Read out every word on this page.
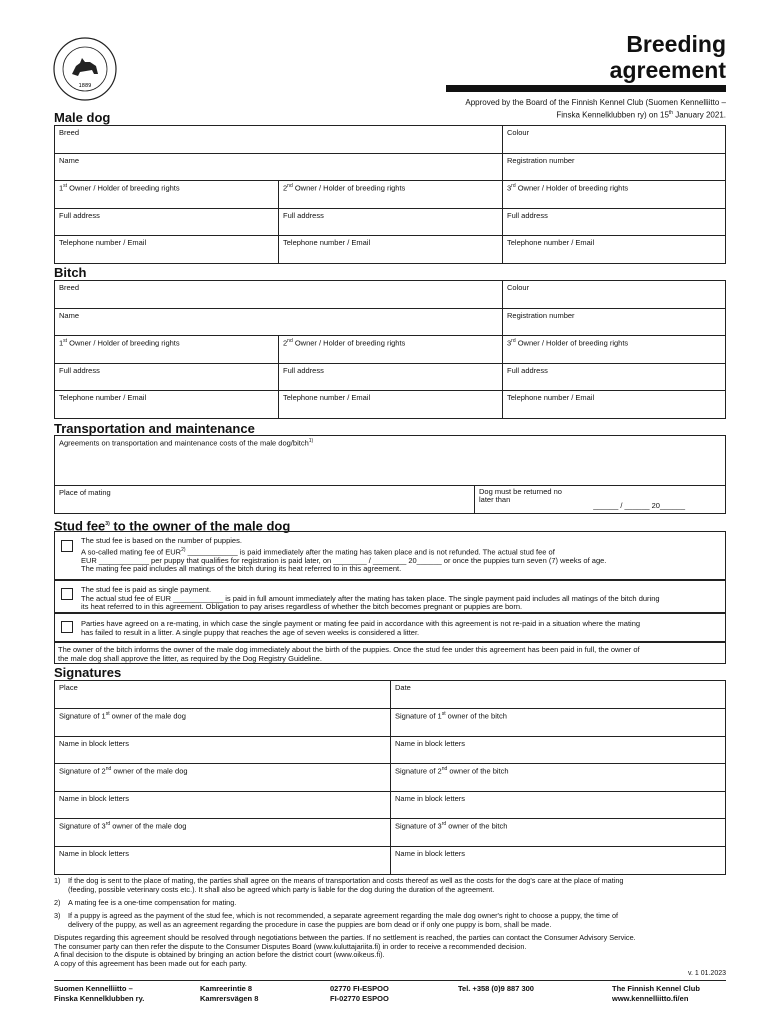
1889
Breeding
agreement
Approved by the Board of the Finnish Kennel Club (Suomen Kennelliitto –
Finska Kennelklubben ry) on 15th January 2021.
Male dog
Breed	Colour
Name	Registration number
1st Owner / Holder of breeding rights	2nd Owner / Holder of breeding rights	3rd Owner / Holder of breeding rights
Full address	Full address	Full address
Telephone number / Email	Telephone number / Email	Telephone number / Email
Bitch
Breed	Colour
Name	Registration number
1st Owner / Holder of breeding rights	2nd Owner / Holder of breeding rights	3rd Owner / Holder of breeding rights
Full address	Full address	Full address
Telephone number / Email	Telephone number / Email	Telephone number / Email
Transportation and maintenance
Agreements on transportation and maintenance costs of the male dog/bitch$^{1)}$
Place of mating	Dog must be returned no
later than
______ / ______ 20______
Stud fee$^{3)}$ to the owner of the male dog
The stud fee is based on the number of puppies.
A so-called mating fee of EUR$^{2)}$ ____________ is paid immediately after the mating has taken place and is not refunded. The actual stud fee of
EUR ____________ per puppy that qualifies for registration is paid later, on ________ / ________ 20______ or once the puppies turn seven (7) weeks of age.
The mating fee paid includes all matings of the bitch during its heat referred to in this agreement.
The stud fee is paid as single payment.
The actual stud fee of EUR ____________ is paid in full amount immediately after the mating has taken place. The single payment paid includes all matings of the bitch during
its heat referred to in this agreement. Obligation to pay arises regardless of whether the bitch becomes pregnant or puppies are born.
Parties have agreed on a re-mating, in which case the single payment or mating fee paid in accordance with this agreement is not re-paid in a situation where the mating
has failed to result in a litter. A single puppy that reaches the age of seven weeks is considered a litter.
The owner of the bitch informs the owner of the male dog immediately about the birth of the puppies. Once the stud fee under this agreement has been paid in full, the owner of
the male dog shall approve the litter, as required by the Dog Registry Guideline.
Signatures
Place	Date
Signature of 1st owner of the male dog	Signature of 1st owner of the bitch
Name in block letters	Name in block letters
Signature of 2nd owner of the male dog	Signature of 2nd owner of the bitch
Name in block letters	Name in block letters
Signature of 3rd owner of the male dog	Signature of 3rd owner of the bitch
Name in block letters	Name in block letters
1) If the dog is sent to the place of mating, the parties shall agree on the means of transportation and costs thereof as well as the costs for the dog's care at the place of mating
(feeding, possible veterinary costs etc.). It shall also be agreed which party is liable for the dog during the duration of the agreement.
2) A mating fee is a one-time compensation for mating.
3) If a puppy is agreed as the payment of the stud fee, which is not recommended, a separate agreement regarding the male dog owner's right to choose a puppy, the time of
delivery of the puppy, as well as an agreement regarding the procedure in case the puppies are born dead or if only one puppy is born, shall be made.
Disputes regarding this agreement should be resolved through negotiations between the parties. If no settlement is reached, the parties can contact the Consumer Advisory Service.
The consumer party can then refer the dispute to the Consumer Disputes Board (www.kuluttajariita.fi) in order to receive a recommended decision.
A final decision to the dispute is obtained by bringing an action before the district court (www.oikeus.fi).
A copy of this agreement has been made out for each party.
v. 1 01.2023
Suomen Kennelliitto –
Finska Kennelklubben ry.
Kamreerintie 8
Kamrersvägen 8
02770 FI-ESPOO
FI-02770 ESPOO
Tel. +358 (0)9 887 300	The Finnish Kennel Club
www.kennelliitto.fi/en
